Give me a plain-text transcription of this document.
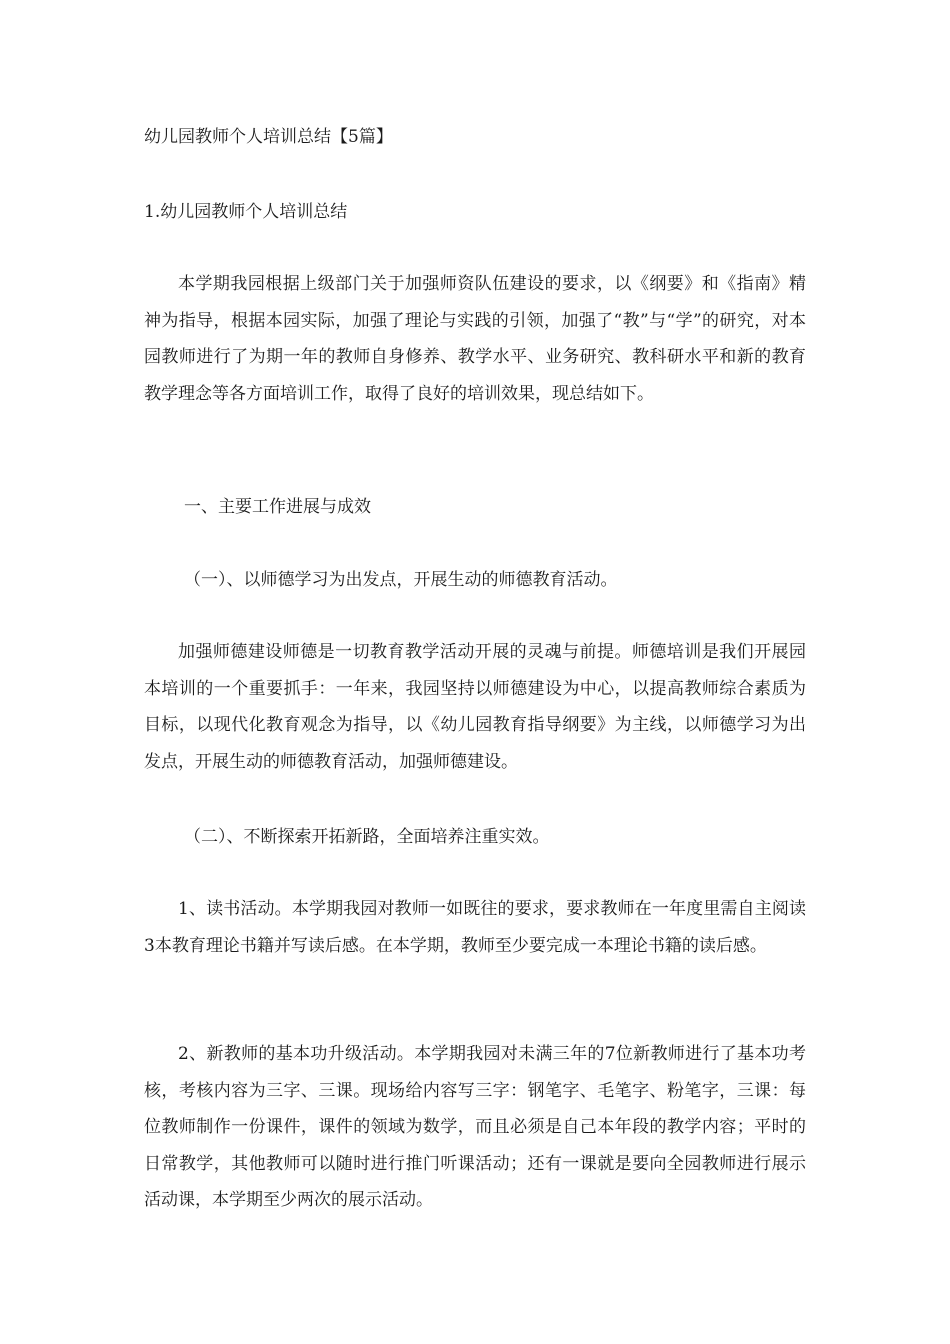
幼儿园教师个人培训总结【5篇】
1.幼儿园教师个人培训总结

本学期我园根据上级部门关于加强师资队伍建设的要求，以《纲要》和《指南》精神为指导，根据本园实际，加强了理论与实践的引领，加强了“教”与“学”的研究，对本园教师进行了为期一年的教师自身修养、教学水平、业务研究、教科研水平和新的教育教学理念等各方面培训工作，取得了良好的培训效果，现总结如下。

一、主要工作进展与成效
（一）、以师德学习为出发点，开展生动的师德教育活动。

加强师德建设师德是一切教育教学活动开展的灵魂与前提。师德培训是我们开展园本培训的一个重要抓手：一年来，我园坚持以师德建设为中心，以提高教师综合素质为目标，以现代化教育观念为指导，以《幼儿园教育指导纲要》为主线，以师德学习为出发点，开展生动的师德教育活动，加强师德建设。

（二）、不断探索开拓新路，全面培养注重实效。

1、读书活动。本学期我园对教师一如既往的要求，要求教师在一年度里需自主阅读3本教育理论书籍并写读后感。在本学期，教师至少要完成一本理论书籍的读后感。

2、新教师的基本功升级活动。本学期我园对未满三年的7位新教师进行了基本功考核，考核内容为三字、三课。现场给内容写三字：钢笔字、毛笔字、粉笔字，三课：每位教师制作一份课件，课件的领域为数学，而且必须是自己本年段的教学内容；平时的日常教学，其他教师可以随时进行推门听课活动；还有一课就是要向全园教师进行展示活动课，本学期至少两次的展示活动。
